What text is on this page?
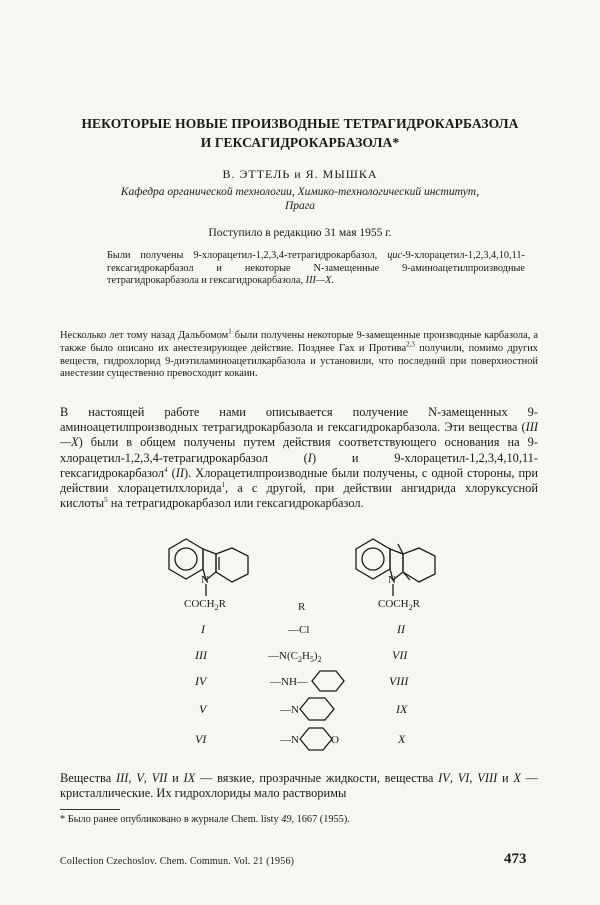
НЕКОТОРЫЕ НОВЫЕ ПРОИЗВОДНЫЕ ТЕТРАГИДРОКАРБАЗОЛА
И ГЕКСАГИДРОКАРБАЗОЛА*
В. ЭТТЕЛЬ и Я. МЫШКА
Кафедра органической технологии, Химико-технологический институт,
Прага
Поступило в редакцию 31 мая 1955 г.
Были получены 9-хлорацетил-1,2,3,4-тетрагидрокарбазол, цис-9-хлорацетил-1,2,3,4,10,11-гексагидрокарбазол и некоторые N-замещенные 9-аминоацетилпроизводные тетрагидрокарбазола и гексагидрокарбазола, III—X.
Несколько лет тому назад Дальбомом$^1$ были получены некоторые 9-замещенные производные карбазола, а также было описано их анестезирующее действие. Позднее Гах и Протива$^{2,3}$ получили, помимо других веществ, гидрохлорид 9-диэтиламиноацетилкарбазола и установили, что последний при поверхностной анестезии существенно превосходит кокаин.
В настоящей работе нами описывается получение N-замещенных 9-аминоацетилпроизводных тетрагидрокарбазола и гексагидрокарбазола. Эти вещества (III—X) были в общем получены путем действия соответствующего основания на 9-хлорацетил-1,2,3,4-тетрагидрокарбазол (I) и 9-хлорацетил-1,2,3,4,10,11-гексагидрокарбазол$^4$ (II). Хлорацетилпроизводные были получены, с одной стороны, при действии хлорацетилхлорида$^1$, а с другой, при действии ангидрида хлоруксусной кислоты$^5$ на тетрагидрокарбазол или гексагидрокарбазол.
N
$COCH_2R$
N
$COCH_2R$
R
I	—Cl	II
III	$—N(C_2H_5)_2$	VII
IV	—NH—	VIII
V	—N	IX
VI	—N	O	X
Вещества III, V, VII и IX — вязкие, прозрачные жидкости, вещества IV, VI, VIII и X — кристаллические. Их гидрохлориды мало растворимы
* Было ранее опубликовано в журнале Chem. listy 49, 1667 (1955).
Collection Czechoslov. Chem. Commun. Vol. 21 (1956)	473
